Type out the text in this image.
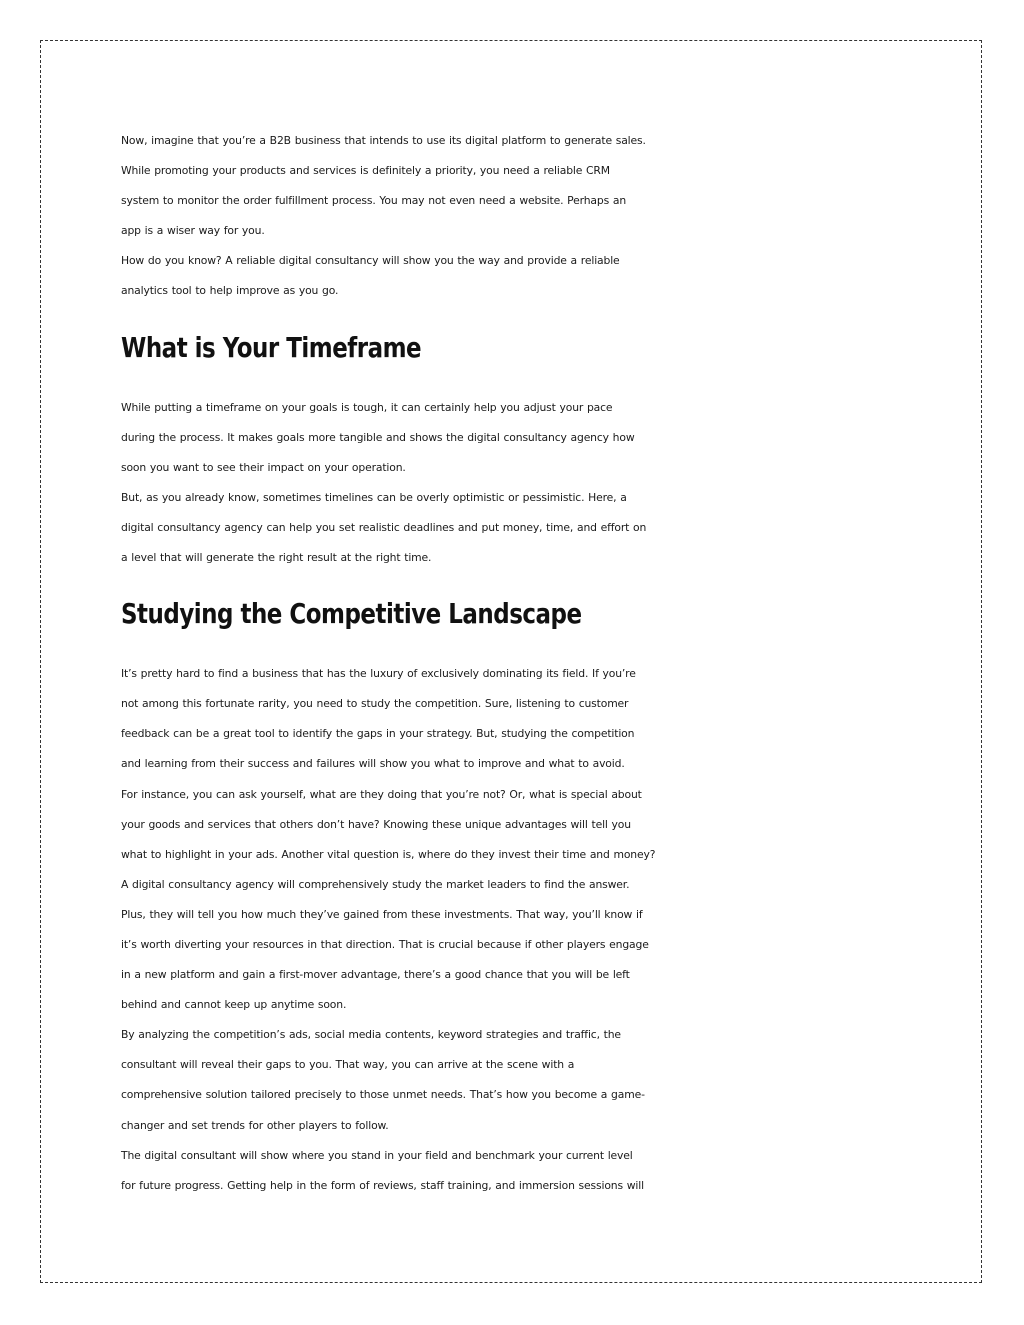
Now, imagine that you’re a B2B business that intends to use its digital platform to generate sales.

While promoting your products and services is definitely a priority, you need a reliable CRM

system to monitor the order fulfillment process. You may not even need a website. Perhaps an

app is a wiser way for you.

How do you know? A reliable digital consultancy will show you the way and provide a reliable

analytics tool to help improve as you go.

What is Your Timeframe

While putting a timeframe on your goals is tough, it can certainly help you adjust your pace

during the process. It makes goals more tangible and shows the digital consultancy agency how

soon you want to see their impact on your operation.

But, as you already know, sometimes timelines can be overly optimistic or pessimistic. Here, a

digital consultancy agency can help you set realistic deadlines and put money, time, and effort on

a level that will generate the right result at the right time.

Studying the Competitive Landscape

It’s pretty hard to find a business that has the luxury of exclusively dominating its field. If you’re

not among this fortunate rarity, you need to study the competition. Sure, listening to customer

feedback can be a great tool to identify the gaps in your strategy. But, studying the competition

and learning from their success and failures will show you what to improve and what to avoid.

For instance, you can ask yourself, what are they doing that you’re not? Or, what is special about

your goods and services that others don’t have? Knowing these unique advantages will tell you

what to highlight in your ads. Another vital question is, where do they invest their time and money?

A digital consultancy agency will comprehensively study the market leaders to find the answer.

Plus, they will tell you how much they’ve gained from these investments. That way, you’ll know if

it’s worth diverting your resources in that direction. That is crucial because if other players engage

in a new platform and gain a first-mover advantage, there’s a good chance that you will be left

behind and cannot keep up anytime soon.

By analyzing the competition’s ads, social media contents, keyword strategies and traffic, the

consultant will reveal their gaps to you. That way, you can arrive at the scene with a

comprehensive solution tailored precisely to those unmet needs. That’s how you become a game-

changer and set trends for other players to follow.

The digital consultant will show where you stand in your field and benchmark your current level

for future progress. Getting help in the form of reviews, staff training, and immersion sessions will
